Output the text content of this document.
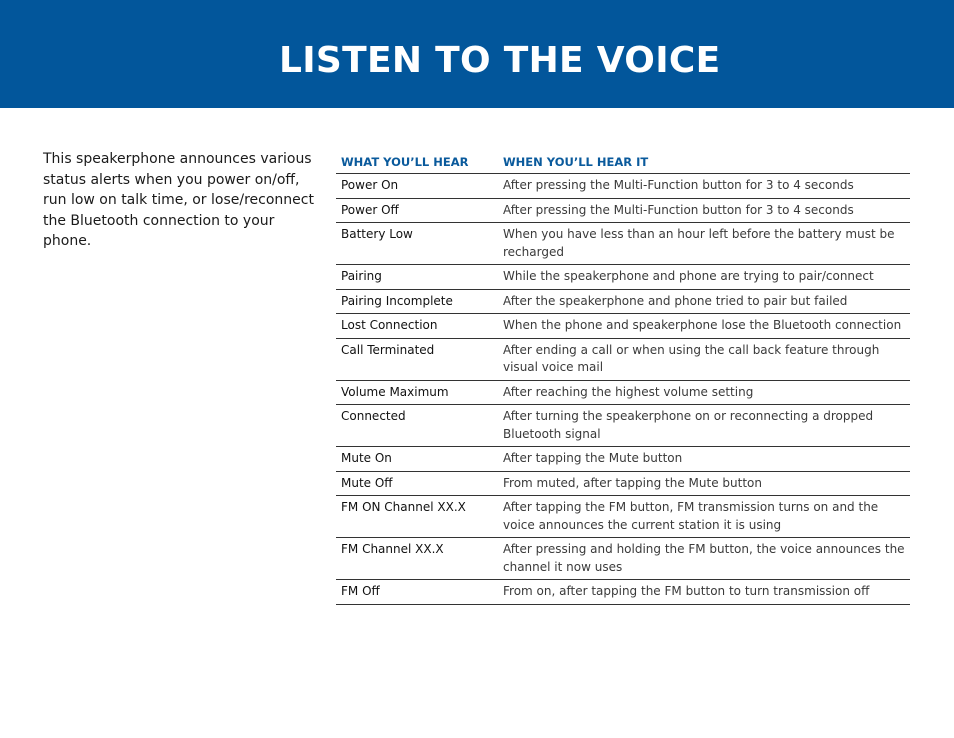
LISTEN TO THE VOICE

This speakerphone announces various status alerts when you power on/off, run low on talk time, or lose/reconnect the Bluetooth connection to your phone.

WHAT YOU’LL HEAR	WHEN YOU’LL HEAR IT
Power On	After pressing the Multi-Function button for 3 to 4 seconds
Power Off	After pressing the Multi-Function button for 3 to 4 seconds
Battery Low	When you have less than an hour left before the battery must be recharged
Pairing	While the speakerphone and phone are trying to pair/connect
Pairing Incomplete	After the speakerphone and phone tried to pair but failed
Lost Connection	When the phone and speakerphone lose the Bluetooth connection
Call Terminated	After ending a call or when using the call back feature through visual voice mail
Volume Maximum	After reaching the highest volume setting
Connected	After turning the speakerphone on or reconnecting a dropped Bluetooth signal
Mute On	After tapping the Mute button
Mute Off	From muted, after tapping the Mute button
FM ON Channel XX.X	After tapping the FM button, FM transmission turns on and the voice announces the current station it is using
FM Channel XX.X	After pressing and holding the FM button, the voice announces the channel it now uses
FM Off	From on, after tapping the FM button to turn transmission off
